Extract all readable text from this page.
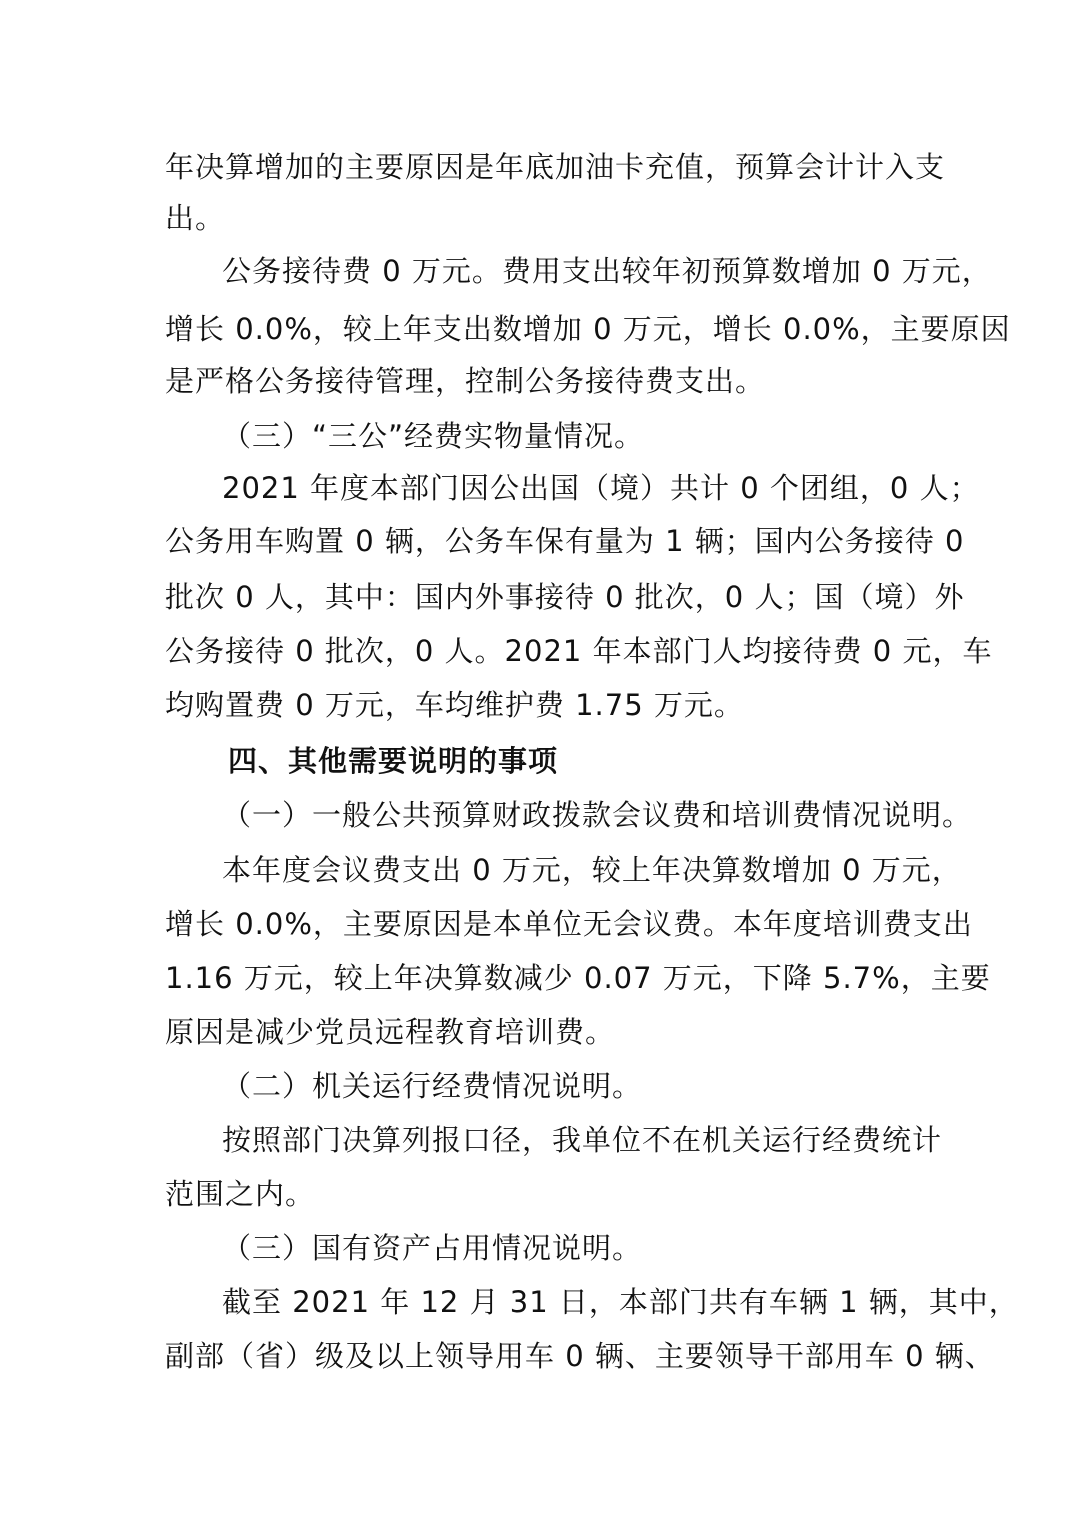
年决算增加的主要原因是年底加油卡充值，预算会计计入支
出。
公务接待费 0 万元。费用支出较年初预算数增加 0 万元，
增长 0.0%，较上年支出数增加 0 万元，增长 0.0%，主要原因
是严格公务接待管理，控制公务接待费支出。
（三）“三公”经费实物量情况。
2021 年度本部门因公出国（境）共计 0 个团组，0 人；
公务用车购置 0 辆，公务车保有量为 1 辆；国内公务接待 0
批次 0 人，其中：国内外事接待 0 批次，0 人；国（境）外
公务接待 0 批次，0 人。2021 年本部门人均接待费 0 元，车
均购置费 0 万元，车均维护费 1.75 万元。
四、其他需要说明的事项
（一）一般公共预算财政拨款会议费和培训费情况说明。
本年度会议费支出 0 万元，较上年决算数增加 0 万元，
增长 0.0%，主要原因是本单位无会议费。本年度培训费支出
1.16 万元，较上年决算数减少 0.07 万元，下降 5.7%，主要
原因是减少党员远程教育培训费。
（二）机关运行经费情况说明。
按照部门决算列报口径，我单位不在机关运行经费统计
范围之内。
（三）国有资产占用情况说明。
截至 2021 年 12 月 31 日，本部门共有车辆 1 辆，其中，
副部（省）级及以上领导用车 0 辆、主要领导干部用车 0 辆、
